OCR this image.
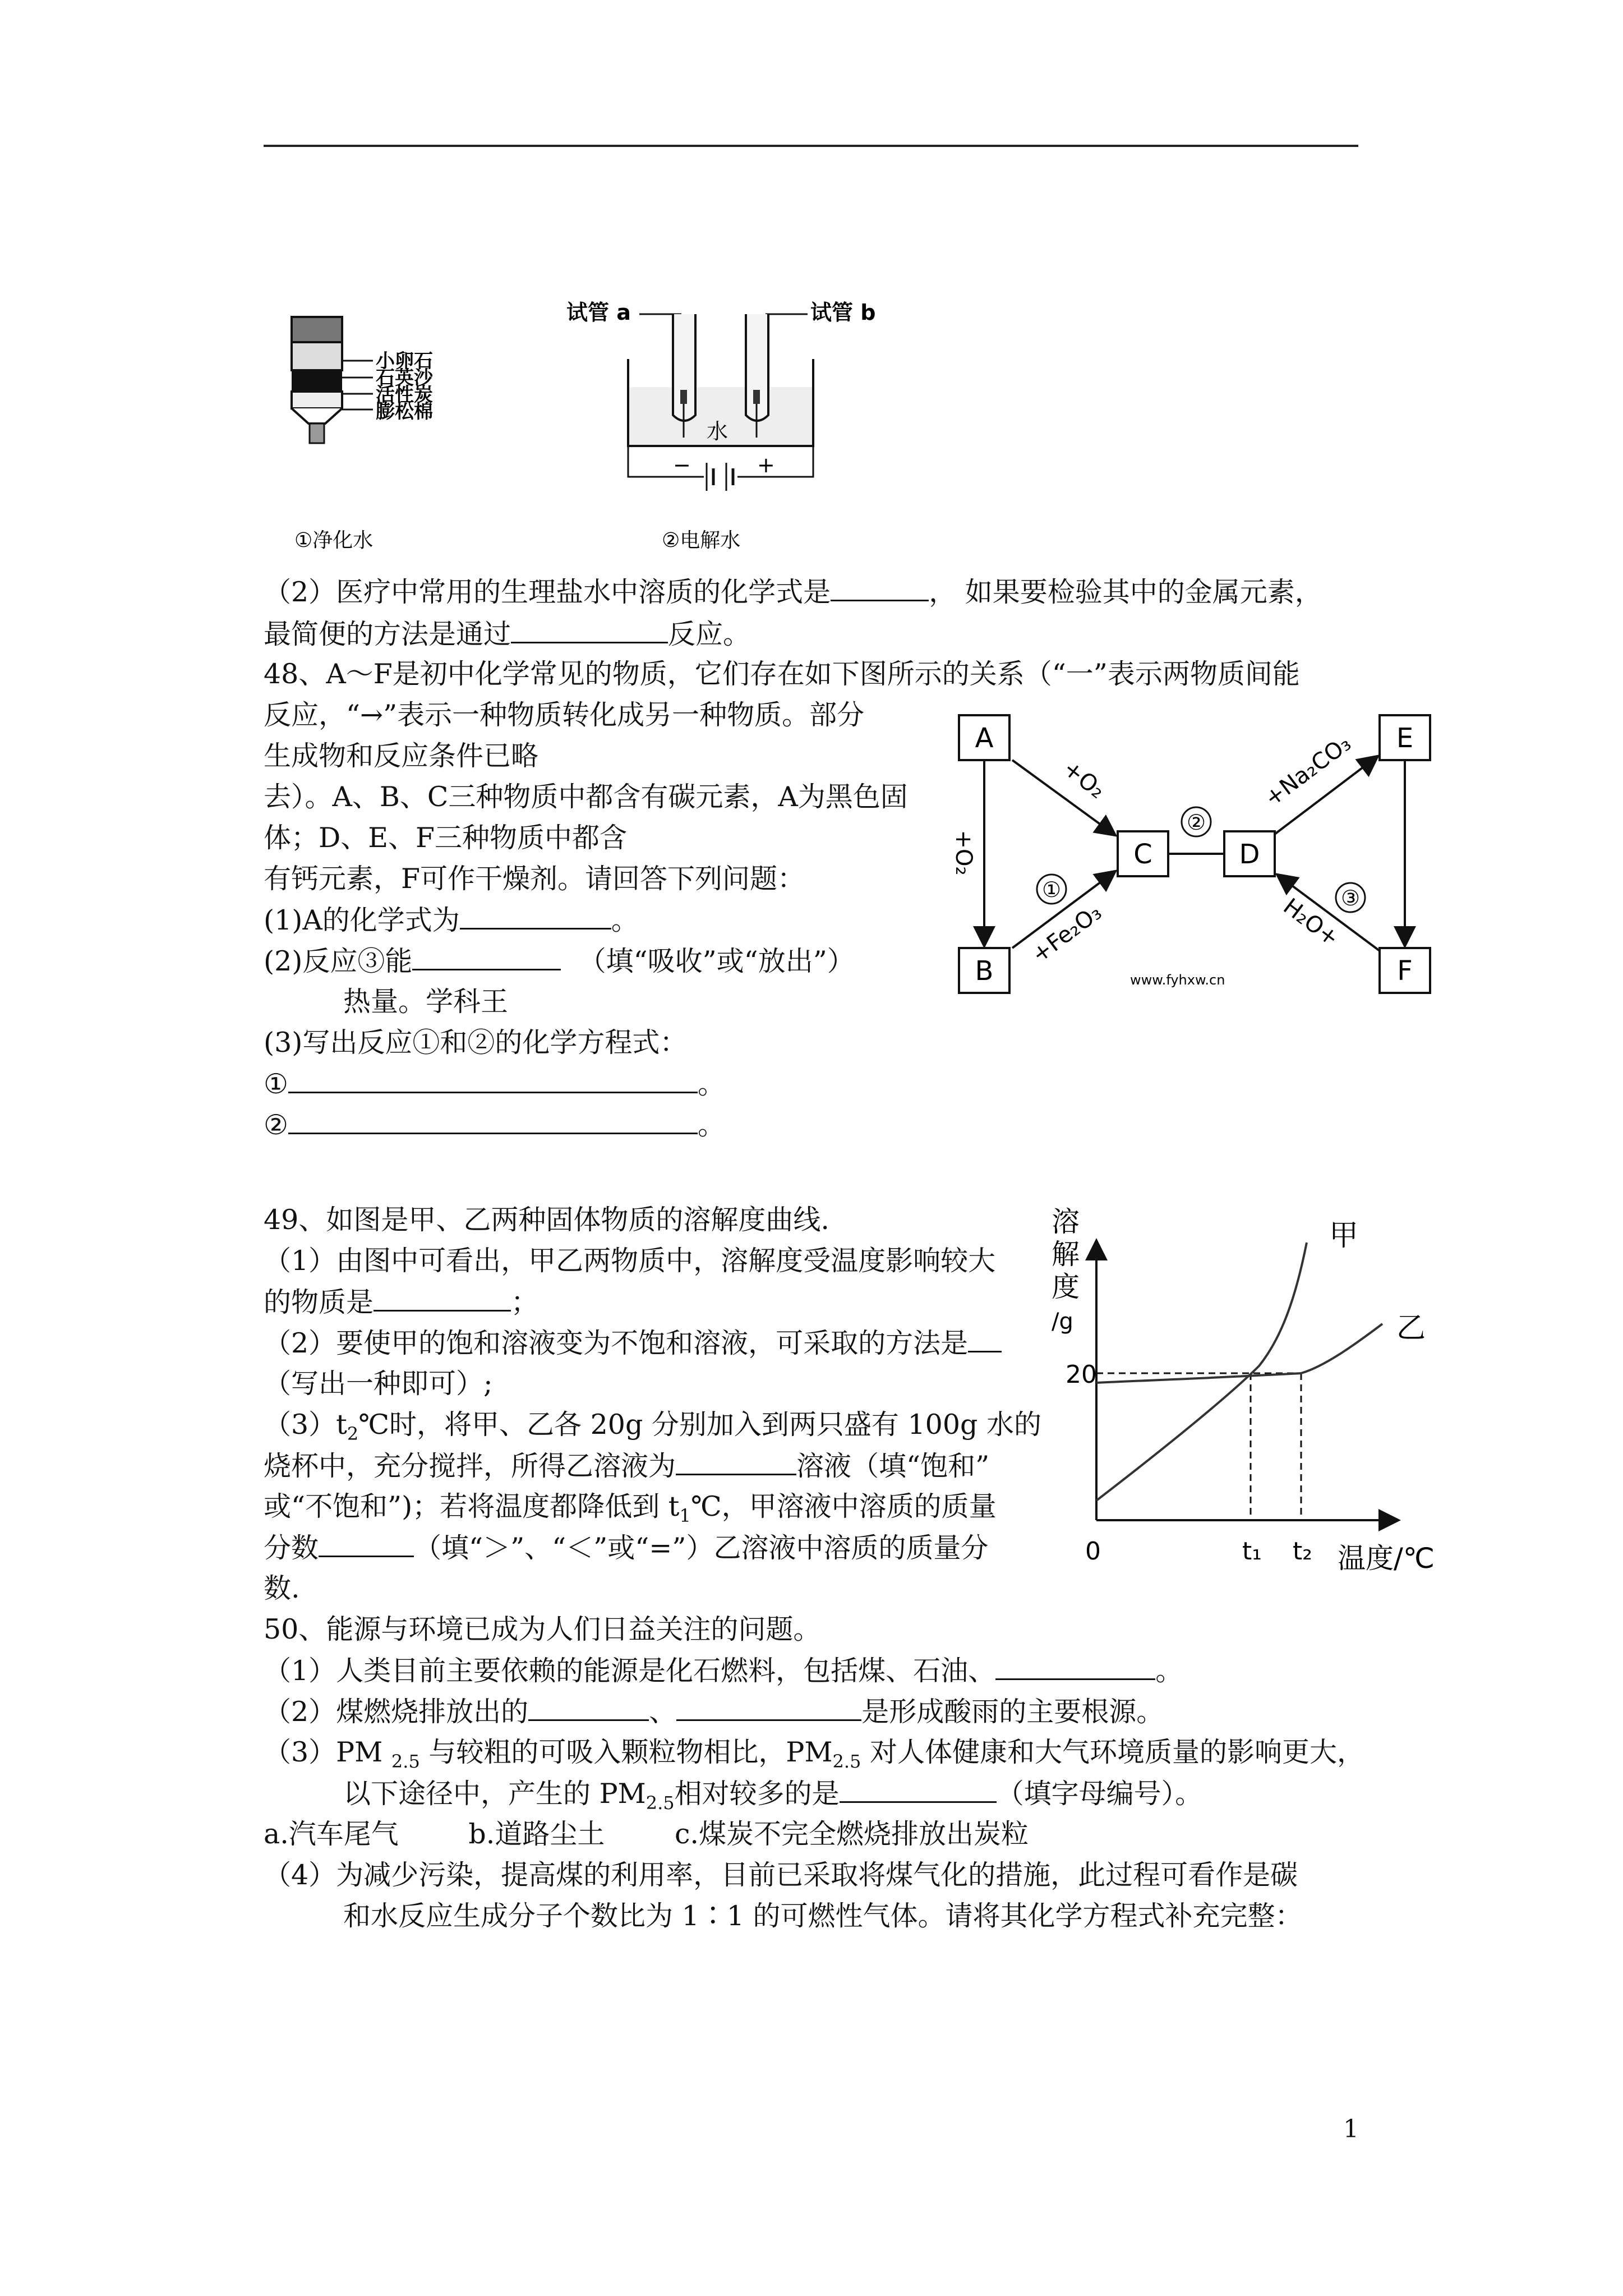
小卵石
石英沙
活性炭
膨松棉
①净化水
试管 a	试管 b
水
−	+
②电解水
（2）医疗中常用的生理盐水中溶质的化学式是	， 如果要检验其中的金属元素，
最简便的方法是通过	反应。
48、A～F是初中化学常见的物质，它们存在如下图所示的关系（“一”表示两物质间能
反应，“→”表示一种物质转化成另一种物质。部分
生成物和反应条件已略
去）。A、B、C三种物质中都含有碳元素，A为黑色固
体；D、E、F三种物质中都含
有钙元素，F可作干燥剂。请回答下列问题：
(1)A的化学式为	。
(2)反应③能	（填“吸收”或“放出”）
热量。学科王
(3)写出反应①和②的化学方程式：
①	。
②	。
A
B
C	D
E
F
②
①	③
+O₂
+O₂
+Fe₂O₃
+Na₂CO₃
H₂O+
www.fyhxw.cn
49、如图是甲、乙两种固体物质的溶解度曲线.
（1）由图中可看出，甲乙两物质中，溶解度受温度影响较大
的物质是	；
（2）要使甲的饱和溶液变为不饱和溶液，可采取的方法是
（写出一种即可）;
$(3)t_2℃$时，将甲、乙各 20g 分别加入到两只盛有 100g 水的
烧杯中，充分搅拌，所得乙溶液为	溶液（填“饱和”
或“不饱和”)；若将温度都降低到 $t_1℃$，甲溶液中溶质的质量
分数	（填“＞”、“＜”或“=”）乙溶液中溶质的质量分
数.
溶解度/g
温度/℃
甲
乙
20
0	t₁ t₂
50、能源与环境已成为人们日益关注的问题。
（1）人类目前主要依赖的能源是化石燃料，包括煤、石油、	。
（2）煤燃烧排放出的	、	是形成酸雨的主要根源。
（3）PM $_{2.5}$ 与较粗的可吸入颗粒物相比，$PM_{2.5}$ 对人体健康和大气环境质量的影响更大，
以下途径中，产生的 $PM_{2.5}$相对较多的是	（填字母编号）。
a.汽车尾气        b.道路尘土        c.煤炭不完全燃烧排放出炭粒
（4）为减少污染，提高煤的利用率，目前已采取将煤气化的措施，此过程可看作是碳
和水反应生成分子个数比为 1∶1 的可燃性气体。请将其化学方程式补充完整：
1
